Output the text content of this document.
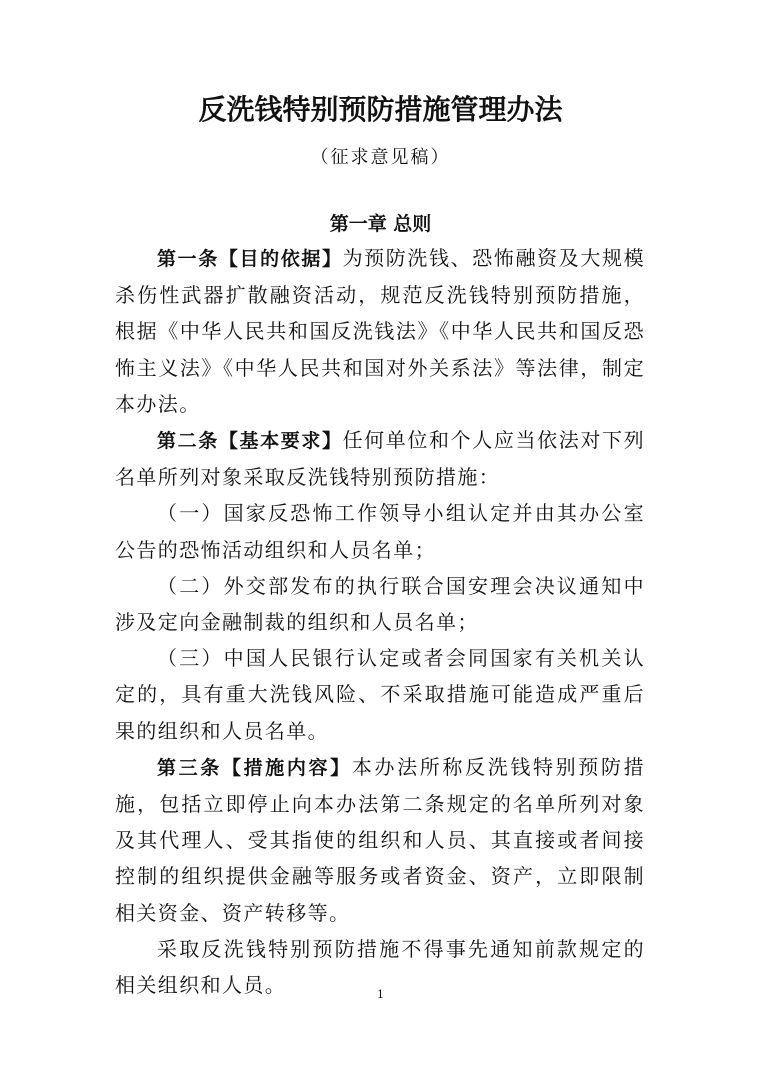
反洗钱特别预防措施管理办法
（征求意见稿）
第一章 总则

第一条【目的依据】为预防洗钱、恐怖融资及大规模杀伤性武器扩散融资活动，规范反洗钱特别预防措施，根据《中华人民共和国反洗钱法》《中华人民共和国反恐怖主义法》《中华人民共和国对外关系法》等法律，制定本办法。

第二条【基本要求】任何单位和个人应当依法对下列名单所列对象采取反洗钱特别预防措施：

（一）国家反恐怖工作领导小组认定并由其办公室公告的恐怖活动组织和人员名单；

（二）外交部发布的执行联合国安理会决议通知中涉及定向金融制裁的组织和人员名单；

（三）中国人民银行认定或者会同国家有关机关认定的，具有重大洗钱风险、不采取措施可能造成严重后果的组织和人员名单。

第三条【措施内容】本办法所称反洗钱特别预防措施，包括立即停止向本办法第二条规定的名单所列对象及其代理人、受其指使的组织和人员、其直接或者间接控制的组织提供金融等服务或者资金、资产，立即限制相关资金、资产转移等。

采取反洗钱特别预防措施不得事先通知前款规定的相关组织和人员。	1
